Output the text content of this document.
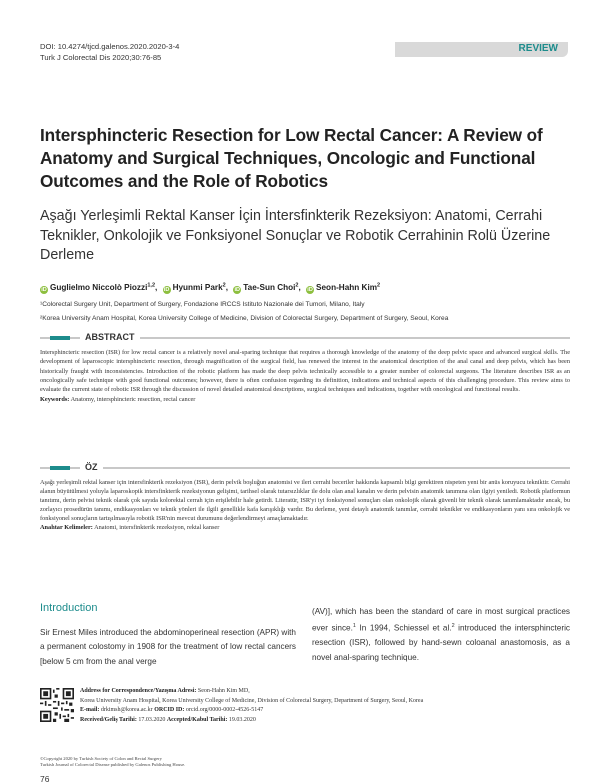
DOI: 10.4274/tjcd.galenos.2020.2020-3-4
Turk J Colorectal Dis 2020;30:76-85
REVIEW
Intersphincteric Resection for Low Rectal Cancer: A Review of Anatomy and Surgical Techniques, Oncologic and Functional Outcomes and the Role of Robotics
Aşağı Yerleşimli Rektal Kanser İçin İntersfinkterik Rezeksiyon: Anatomi, Cerrahi Teknikler, Onkolojik ve Fonksiyonel Sonuçlar ve Robotik Cerrahinin Rolü Üzerine Derleme
iD Guglielmo Niccolò Piozzi$^{1,2}$, iD Hyunmi Park$^2$, iD Tae-Sun Choi$^2$, iD Seon-Hahn Kim$^2$
¹Colorectal Surgery Unit, Department of Surgery, Fondazione IRCCS Istituto Nazionale dei Tumori, Milano, Italy
²Korea University Anam Hospital, Korea University College of Medicine, Division of Colorectal Surgery, Department of Surgery, Seoul, Korea
ABSTRACT
Intersphincteric resection (ISR) for low rectal cancer is a relatively novel anal-sparing technique that requires a thorough knowledge of the anatomy of the deep pelvic space and advanced surgical skills. The development of laparoscopic intersphincteric resection, through magnification of the surgical field, has renewed the interest in the anatomical description of the anal canal and deep pelvis, which has been historically fraught with inconsistencies. Introduction of the robotic platform has made the deep pelvis technically accessible to a greater number of colorectal surgeons. The literature describes ISR as an oncologically safe technique with good functional outcomes; however, there is often confusion regarding its definition, indications and technical aspects of this challenging procedure. This review aims to evaluate the current state of robotic ISR through the discussion of novel detailed anatomical descriptions, surgical techniques and indications, together with oncological and functional results.
Keywords: Anatomy, intersphincteric resection, rectal cancer
ÖZ
Aşağı yerleşimli rektal kanser için intersfinkterik rezeksiyon (ISR), derin pelvik boşluğun anatomisi ve ileri cerrahi beceriler hakkında kapsamlı bilgi gerektiren nispeten yeni bir anüs koruyucu tekniktir. Cerrahi alanın büyütülmesi yoluyla laparoskopik intersfinkterik rezeksiyonun gelişimi, tarihsel olarak tutarsızlıklar ile dolu olan anal kanalın ve derin pelvisin anatomik tanımına olan ilgiyi yeniledi. Robotik platformun tanıtımı, derin pelvisi teknik olarak çok sayıda kolorektal cerrah için erişilebilir hale getirdi. Literatür, ISR'yi iyi fonksiyonel sonuçları olan onkolojik olarak güvenli bir teknik olarak tanımlamaktadır ancak, bu zorlayıcı prosedürün tanımı, endikasyonları ve teknik yönleri ile ilgili genellikle kafa karışıklığı vardır. Bu derleme, yeni detaylı anatomik tanımlar, cerrahi teknikler ve endikasyonların yanı sıra onkolojik ve fonksiyonel sonuçların tartışılmasıyla robotik ISR'nin mevcut durumunu değerlendirmeyi amaçlamaktadır.
Anahtar Kelimeler: Anatomi, intersfinkterik rezeksiyon, rektal kanser
Introduction
Sir Ernest Miles introduced the abdominoperineal resection (APR) with a permanent colostomy in 1908 for the treatment of low rectal cancers [below 5 cm from the anal verge
(AV)], which has been the standard of care in most surgical practices ever since.$^1$ In 1994, Schiessel et al.$^2$ introduced the intersphincteric resection (ISR), followed by hand-sewn coloanal anastomosis, as a novel anal-sparing technique.
Address for Correspondence/Yazışma Adresi: Seon-Hahn Kim MD,
Korea University Anam Hospital, Korea University College of Medicine, Division of Colorectal Surgery, Department of Surgery, Seoul, Korea
E-mail: drkimsh@korea.ac.kr ORCID ID: orcid.org/0000-0002-4526-5147
Received/Geliş Tarihi: 17.03.2020 Accepted/Kabul Tarihi: 19.03.2020
©Copyright 2020 by Turkish Society of Colon and Rectal Surgery
Turkish Journal of Colorectal Disease published by Galenos Publishing House.
76
